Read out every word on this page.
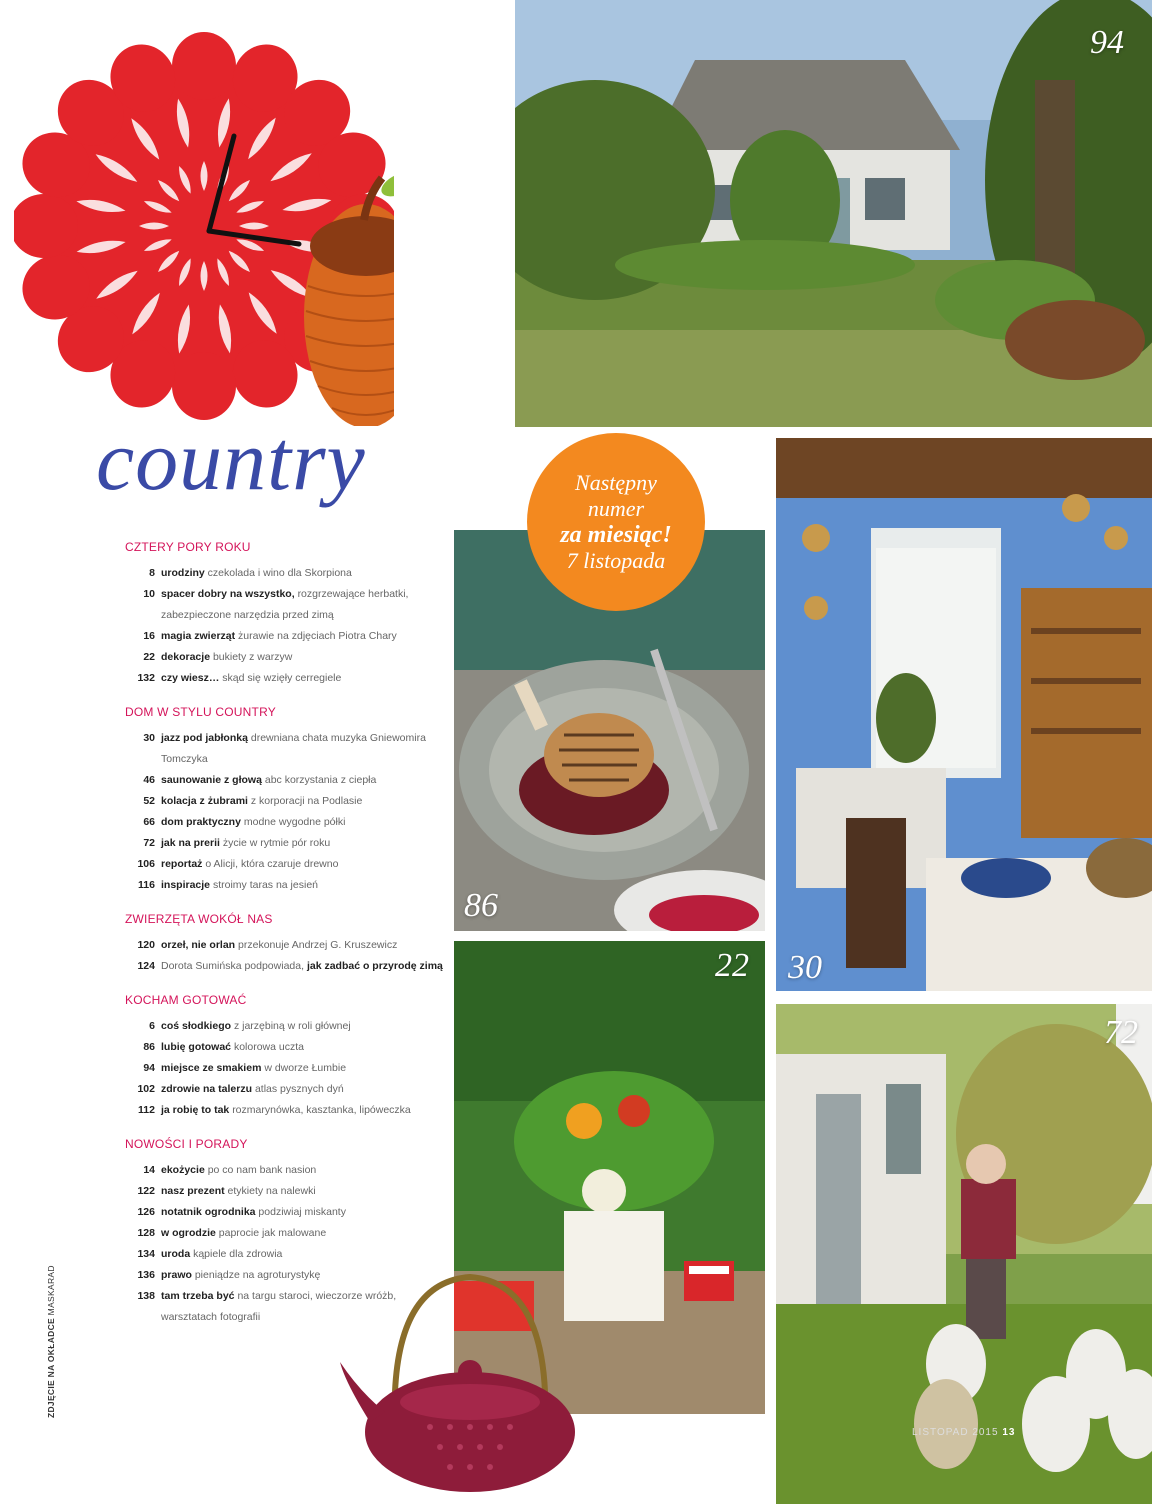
country
94
86
30
22
72
Następny
numer
za miesiąc!
7 listopada
CZTERY PORY ROKU
8 urodziny czekolada i wino dla Skorpiona
10 spacer dobry na wszystko, rozgrzewające herbatki, zabezpieczone narzędzia przed zimą
16 magia zwierząt żurawie na zdjęciach Piotra Chary
22 dekoracje bukiety z warzyw
132 czy wiesz… skąd się wzięły cerregiele
DOM W STYLU COUNTRY
30 jazz pod jabłonką drewniana chata muzyka Gniewomira Tomczyka
46 saunowanie z głową abc korzystania z ciepła
52 kolacja z żubrami z korporacji na Podlasie
66 dom praktyczny modne wygodne półki
72 jak na prerii życie w rytmie pór roku
106 reportaż o Alicji, która czaruje drewno
116 inspiracje stroimy taras na jesień
ZWIERZĘTA WOKÓŁ NAS
120 orzeł, nie orlan przekonuje Andrzej G. Kruszewicz
124 Dorota Sumińska podpowiada, jak zadbać o przyrodę zimą
KOCHAM GOTOWAĆ
6 coś słodkiego z jarzębiną w roli głównej
86 lubię gotować kolorowa uczta
94 miejsce ze smakiem w dworze Łumbie
102 zdrowie na talerzu atlas pysznych dyń
112 ja robię to tak rozmarynówka, kasztanka, lipóweczka
NOWOŚCI I PORADY
14 ekożycie po co nam bank nasion
122 nasz prezent etykiety na nalewki
126 notatnik ogrodnika podziwiaj miskanty
128 w ogrodzie paprocie jak malowane
134 uroda kąpiele dla zdrowia
136 prawo pieniądze na agroturystykę
138 tam trzeba być na targu staroci, wieczorze wróżb, warsztatach fotografii
ZDJĘCIE NA OKŁADCE MASKARAD
LISTOPAD 2015 13
